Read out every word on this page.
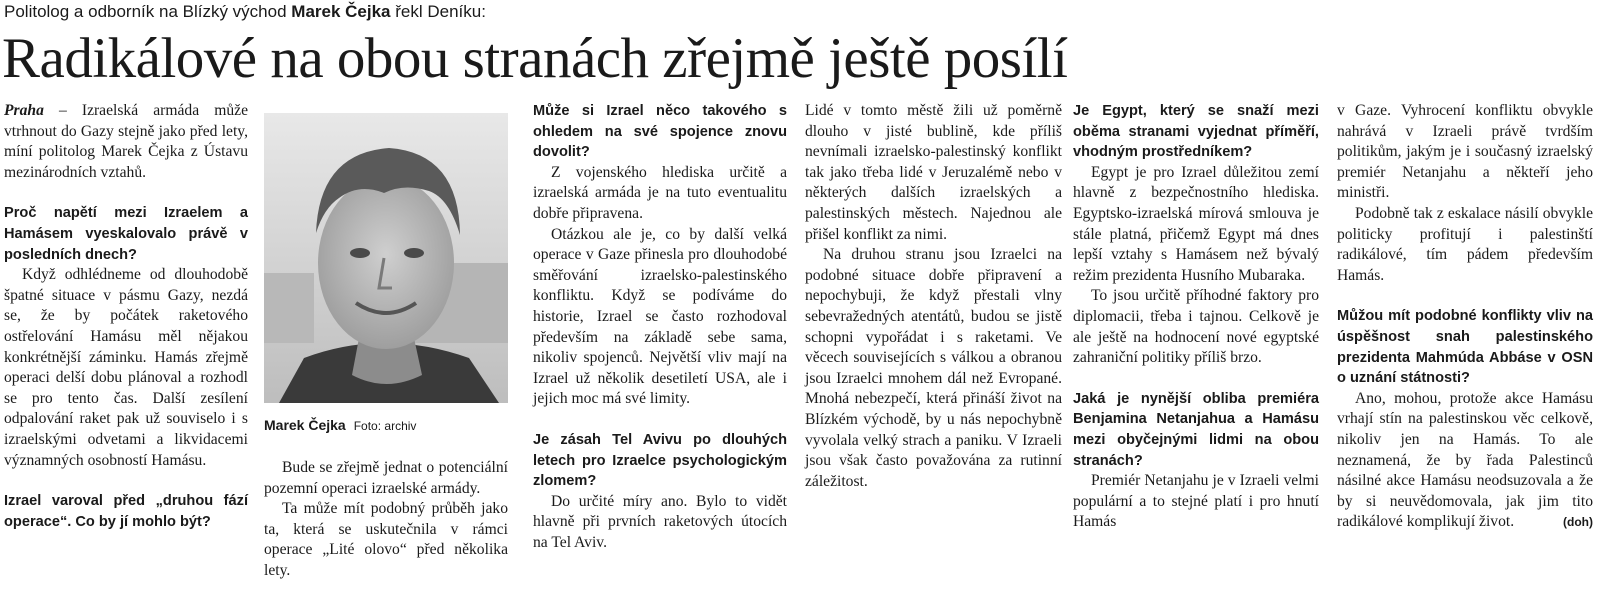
Politolog a odborník na Blízký východ Marek Čejka řekl Deníku:
Radikálové na obou stranách zřejmě ještě posílí

Praha – Izraelská armáda může vtrhnout do Gazy stejně jako před lety, míní politolog Marek Čejka z Ústavu mezinárodních vztahů.

Proč napětí mezi Izraelem a Hamásem vyeskalovalo právě v posledních dnech?

Když odhlédneme od dlouhodobě špatné situace v pásmu Gazy, nezdá se, že by počátek raketového ostřelování Hamásu měl nějakou konkrétnější záminku. Hamás zřejmě operaci delší dobu plánoval a rozhodl se pro tento čas. Další zesílení odpalování raket pak už souviselo i s izraelskými odvetami a likvidacemi významných osobností Hamásu.

Izrael varoval před „druhou fází operace“. Co by jí mohlo být?

Marek Čejka Foto: archiv

Bude se zřejmě jednat o potenciální pozemní operaci izraelské armády.

Ta může mít podobný průběh jako ta, která se uskutečnila v rámci operace „Lité olovo“ před několika lety.

Může si Izrael něco takového s ohledem na své spojence znovu dovolit?

Z vojenského hlediska určitě a izraelská armáda je na tuto eventualitu dobře připravena.

Otázkou ale je, co by další velká operace v Gaze přinesla pro dlouhodobé směřování izraelsko-palestinského konfliktu. Když se podíváme do historie, Izrael se často rozhodoval především na základě sebe sama, nikoliv spojenců. Největší vliv mají na Izrael už několik desetiletí USA, ale i jejich moc má své limity.

Je zásah Tel Avivu po dlouhých letech pro Izraelce psychologickým zlomem?

Do určité míry ano. Bylo to vidět hlavně při prvních raketových útocích na Tel Aviv.

Lidé v tomto městě žili už poměrně dlouho v jisté bublině, kde příliš nevnímali izraelsko-palestinský konflikt tak jako třeba lidé v Jeruzalémě nebo v některých dalších izraelských a palestinských městech. Najednou ale přišel konflikt za nimi.

Na druhou stranu jsou Izraelci na podobné situace dobře připravení a nepochybuji, že když přestali vlny sebevražedných atentátů, budou se jistě schopni vypořádat i s raketami. Ve věcech souvisejících s válkou a obranou jsou Izraelci mnohem dál než Evropané. Mnohá nebezpečí, která přináší život na Blízkém východě, by u nás nepochybně vyvolala velký strach a paniku. V Izraeli jsou však často považována za rutinní záležitost.

Je Egypt, který se snaží mezi oběma stranami vyjednat příměří, vhodným prostředníkem?

Egypt je pro Izrael důležitou zemí hlavně z bezpečnostního hlediska. Egyptsko-izraelská mírová smlouva je stále platná, přičemž Egypt má dnes lepší vztahy s Hamásem než bývalý režim prezidenta Husního Mubaraka.

To jsou určitě příhodné faktory pro diplomacii, třeba i tajnou. Celkově je ale ještě na hodnocení nové egyptské zahraniční politiky příliš brzo.

Jaká je nynější obliba premiéra Benjamina Netanjahua a Hamásu mezi obyčejnými lidmi na obou stranách?

Premiér Netanjahu je v Izraeli velmi populární a to stejné platí i pro hnutí Hamás

v Gaze. Vyhrocení konfliktu obvykle nahrává v Izraeli právě tvrdším politikům, jakým je i současný izraelský premiér Netanjahu a někteří jeho ministři.

Podobně tak z eskalace násilí obvykle politicky profitují i palestinští radikálové, tím pádem především Hamás.

Můžou mít podobné konflikty vliv na úspěšnost snah palestinského prezidenta Mahmúda Abbáse v OSN o uznání státnosti?

Ano, mohou, protože akce Hamásu vrhají stín na palestinskou věc celkově, nikoliv jen na Hamás. To ale neznamená, že by řada Palestinců násilné akce Hamásu neodsuzovala a že by si neuvědomovala, jak jim tito radikálové komplikují život.	(doh)
